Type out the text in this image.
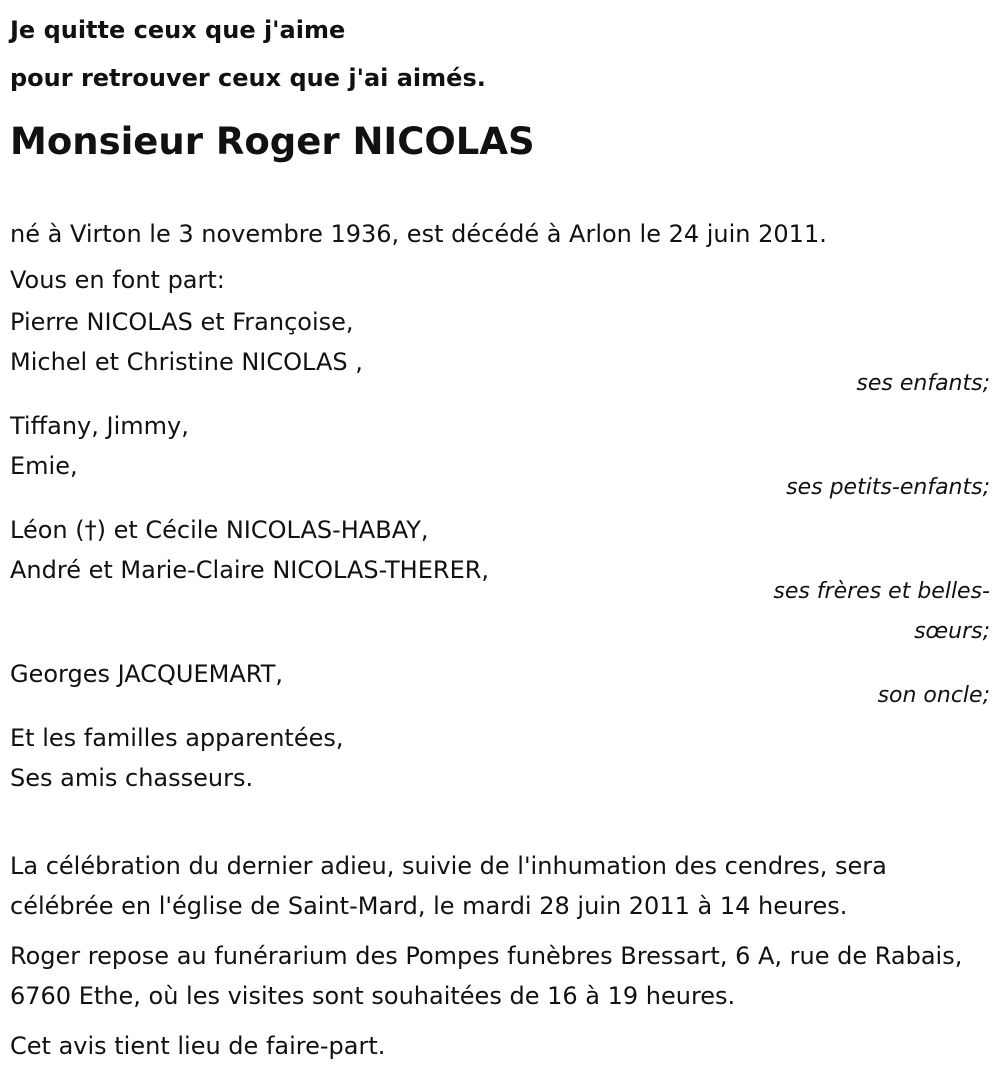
Je quitte ceux que j'aime
pour retrouver ceux que j'ai aimés.
Monsieur Roger NICOLAS
né à Virton le 3 novembre 1936, est décédé à Arlon le 24 juin 2011.
Vous en font part:
Pierre NICOLAS et Françoise,
Michel et Christine NICOLAS ,
ses enfants;
Tiffany, Jimmy,
Emie,
ses petits-enfants;
Léon (†) et Cécile NICOLAS-HABAY,
André et Marie-Claire NICOLAS-THERER,
ses frères et belles-sœurs;
Georges JACQUEMART,
son oncle;
Et les familles apparentées,
Ses amis chasseurs.
La célébration du dernier adieu, suivie de l'inhumation des cendres, sera célébrée en l'église de Saint-Mard, le mardi 28 juin 2011 à 14 heures.
Roger repose au funérarium des Pompes funèbres Bressart, 6 A, rue de Rabais, 6760 Ethe, où les visites sont souhaitées de 16 à 19 heures.
Cet avis tient lieu de faire-part.
